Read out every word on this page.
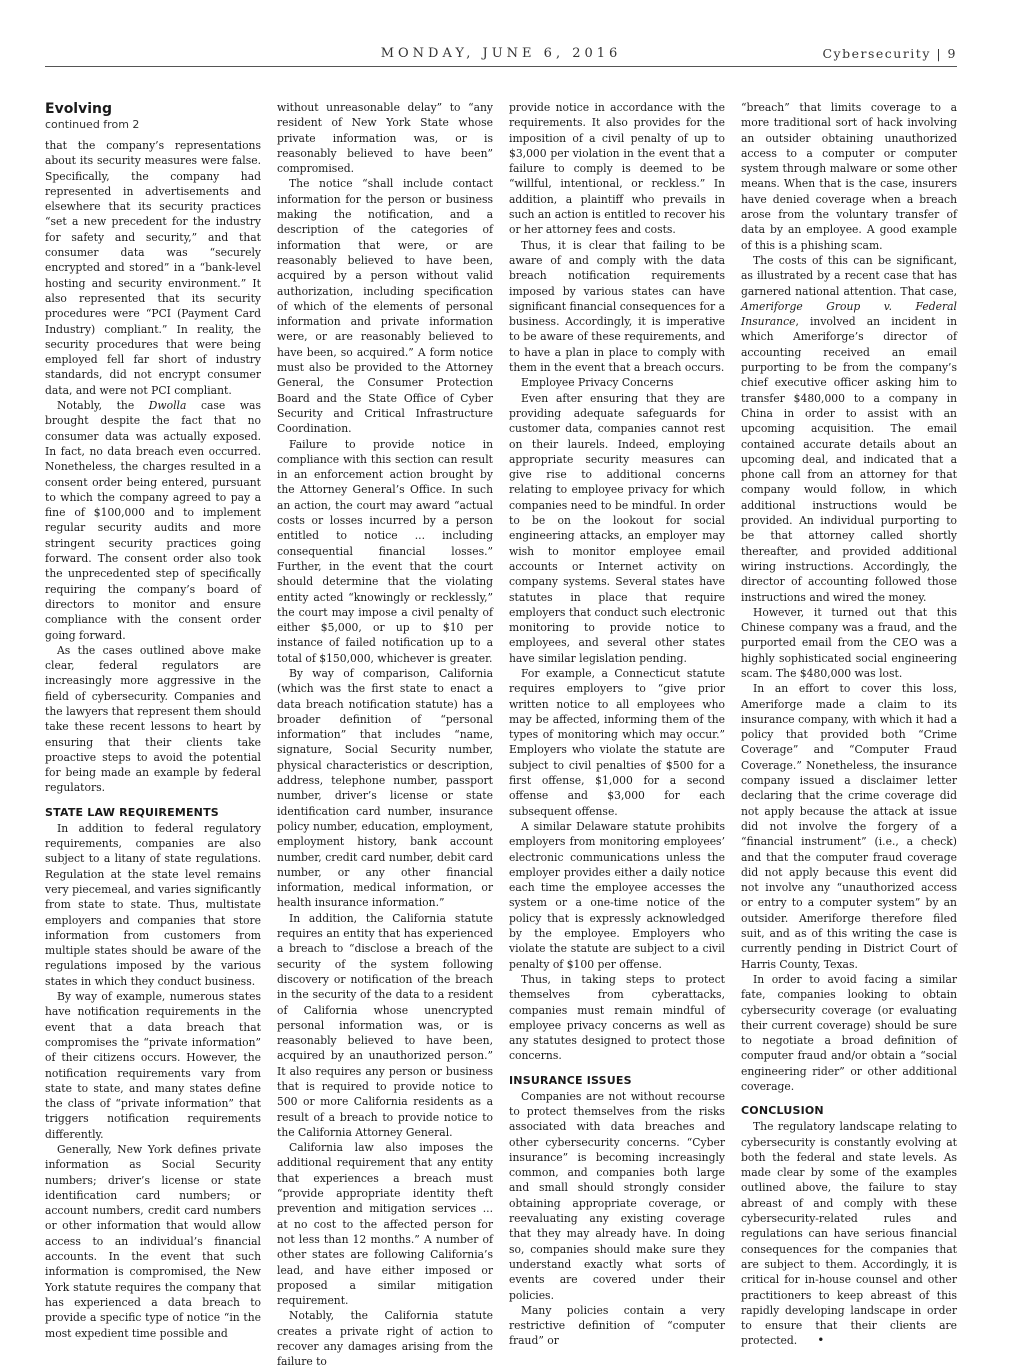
MONDAY, JUNE 6, 2016	Cybersecurity | 9
Evolving
continued from 2

that the company’s representations about its security measures were false. Specifically, the company had represented in advertisements and elsewhere that its security practices “set a new precedent for the industry for safety and security,” and that consumer data was “securely encrypted and stored” in a “bank-level hosting and security environment.” It also represented that its security procedures were “PCI (Payment Card Industry) compliant.” In reality, the security procedures that were being employed fell far short of industry standards, did not encrypt consumer data, and were not PCI compliant.

Notably, the Dwolla case was brought despite the fact that no consumer data was actually exposed. In fact, no data breach even occurred. Nonetheless, the charges resulted in a consent order being entered, pursuant to which the company agreed to pay a fine of $100,000 and to implement regular security audits and more stringent security practices going forward. The consent order also took the unprecedented step of specifically requiring the company’s board of directors to monitor and ensure compliance with the consent order going forward.

As the cases outlined above make clear, federal regulators are increasingly more aggressive in the field of cybersecurity. Companies and the lawyers that represent them should take these recent lessons to heart by ensuring that their clients take proactive steps to avoid the potential for being made an example by federal regulators.

STATE LAW REQUIREMENTS

In addition to federal regulatory requirements, companies are also subject to a litany of state regulations. Regulation at the state level remains very piecemeal, and varies significantly from state to state. Thus, multistate employers and companies that store information from customers from multiple states should be aware of the regulations imposed by the various states in which they conduct business.

By way of example, numerous states have notification requirements in the event that a data breach that compromises the “private information” of their citizens occurs. However, the notification requirements vary from state to state, and many states define the class of “private information” that triggers notification requirements differently.

Generally, New York defines private information as Social Security numbers; driver’s license or state identification card numbers; or account numbers, credit card numbers or other information that would allow access to an individual’s financial accounts. In the event that such information is compromised, the New York statute requires the company that has experienced a data breach to provide a specific type of notice “in the most expedient time possible and

without unreasonable delay” to “any resident of New York State whose private information was, or is reasonably believed to have been” compromised.

The notice “shall include contact information for the person or business making the notification, and a description of the categories of information that were, or are reasonably believed to have been, acquired by a person without valid authorization, including specification of which of the elements of personal information and private information were, or are reasonably believed to have been, so acquired.” A form notice must also be provided to the Attorney General, the Consumer Protection Board and the State Office of Cyber Security and Critical Infrastructure Coordination.

Failure to provide notice in compliance with this section can result in an enforcement action brought by the Attorney General’s Office. In such an action, the court may award “actual costs or losses incurred by a person entitled to notice ... including consequential financial losses.” Further, in the event that the court should determine that the violating entity acted “knowingly or recklessly,” the court may impose a civil penalty of either $5,000, or up to $10 per instance of failed notification up to a total of $150,000, whichever is greater.

By way of comparison, California (which was the first state to enact a data breach notification statute) has a broader definition of “personal information” that includes “name, signature, Social Security number, physical characteristics or description, address, telephone number, passport number, driver’s license or state identification card number, insurance policy number, education, employment, employment history, bank account number, credit card number, debit card number, or any other financial information, medical information, or health insurance information.”

In addition, the California statute requires an entity that has experienced a breach to “disclose a breach of the security of the system following discovery or notification of the breach in the security of the data to a resident of California whose unencrypted personal information was, or is reasonably believed to have been, acquired by an unauthorized person.” It also requires any person or business that is required to provide notice to 500 or more California residents as a result of a breach to provide notice to the California Attorney General.

California law also imposes the additional requirement that any entity that experiences a breach must “provide appropriate identity theft prevention and mitigation services ... at no cost to the affected person for not less than 12 months.” A number of other states are following California’s lead, and have either imposed or proposed a similar mitigation requirement.

Notably, the California statute creates a private right of action to recover any damages arising from the failure to

provide notice in accordance with the requirements. It also provides for the imposition of a civil penalty of up to $3,000 per violation in the event that a failure to comply is deemed to be “willful, intentional, or reckless.” In addition, a plaintiff who prevails in such an action is entitled to recover his or her attorney fees and costs.

Thus, it is clear that failing to be aware of and comply with the data breach notification requirements imposed by various states can have significant financial consequences for a business. Accordingly, it is imperative to be aware of these requirements, and to have a plan in place to comply with them in the event that a breach occurs.

Employee Privacy Concerns

Even after ensuring that they are providing adequate safeguards for customer data, companies cannot rest on their laurels. Indeed, employing appropriate security measures can give rise to additional concerns relating to employee privacy for which companies need to be mindful. In order to be on the lookout for social engineering attacks, an employer may wish to monitor employee email accounts or Internet activity on company systems. Several states have statutes in place that require employers that conduct such electronic monitoring to provide notice to employees, and several other states have similar legislation pending.

For example, a Connecticut statute requires employers to “give prior written notice to all employees who may be affected, informing them of the types of monitoring which may occur.” Employers who violate the statute are subject to civil penalties of $500 for a first offense, $1,000 for a second offense and $3,000 for each subsequent offense.

A similar Delaware statute prohibits employers from monitoring employees’ electronic communications unless the employer provides either a daily notice each time the employee accesses the system or a one-time notice of the policy that is expressly acknowledged by the employee. Employers who violate the statute are subject to a civil penalty of $100 per offense.

Thus, in taking steps to protect themselves from cyberattacks, companies must remain mindful of employee privacy concerns as well as any statutes designed to protect those concerns.

INSURANCE ISSUES

Companies are not without recourse to protect themselves from the risks associated with data breaches and other cybersecurity concerns. “Cyber insurance” is becoming increasingly common, and companies both large and small should strongly consider obtaining appropriate coverage, or reevaluating any existing coverage that they may already have. In doing so, companies should make sure they understand exactly what sorts of events are covered under their policies.

Many policies contain a very restrictive definition of “computer fraud” or

“breach” that limits coverage to a more traditional sort of hack involving an outsider obtaining unauthorized access to a computer or computer system through malware or some other means. When that is the case, insurers have denied coverage when a breach arose from the voluntary transfer of data by an employee. A good example of this is a phishing scam.

The costs of this can be significant, as illustrated by a recent case that has garnered national attention. That case, Ameriforge Group v. Federal Insurance, involved an incident in which Ameriforge’s director of accounting received an email purporting to be from the company’s chief executive officer asking him to transfer $480,000 to a company in China in order to assist with an upcoming acquisition. The email contained accurate details about an upcoming deal, and indicated that a phone call from an attorney for that company would follow, in which additional instructions would be provided. An individual purporting to be that attorney called shortly thereafter, and provided additional wiring instructions. Accordingly, the director of accounting followed those instructions and wired the money.

However, it turned out that this Chinese company was a fraud, and the purported email from the CEO was a highly sophisticated social engineering scam. The $480,000 was lost.

In an effort to cover this loss, Ameriforge made a claim to its insurance company, with which it had a policy that provided both “Crime Coverage” and “Computer Fraud Coverage.” Nonetheless, the insurance company issued a disclaimer letter declaring that the crime coverage did not apply because the attack at issue did not involve the forgery of a “financial instrument” (i.e., a check) and that the computer fraud coverage did not apply because this event did not involve any “unauthorized access or entry to a computer system” by an outsider. Ameriforge therefore filed suit, and as of this writing the case is currently pending in District Court of Harris County, Texas.

In order to avoid facing a similar fate, companies looking to obtain cybersecurity coverage (or evaluating their current coverage) should be sure to negotiate a broad definition of computer fraud and/or obtain a “social engineering rider” or other additional coverage.

CONCLUSION

The regulatory landscape relating to cybersecurity is constantly evolving at both the federal and state levels. As made clear by some of the examples outlined above, the failure to stay abreast of and comply with these cybersecurity-related rules and regulations can have serious financial consequences for the companies that are subject to them. Accordingly, it is critical for in-house counsel and other practitioners to keep abreast of this rapidly developing landscape in order to ensure that their clients are protected. •
